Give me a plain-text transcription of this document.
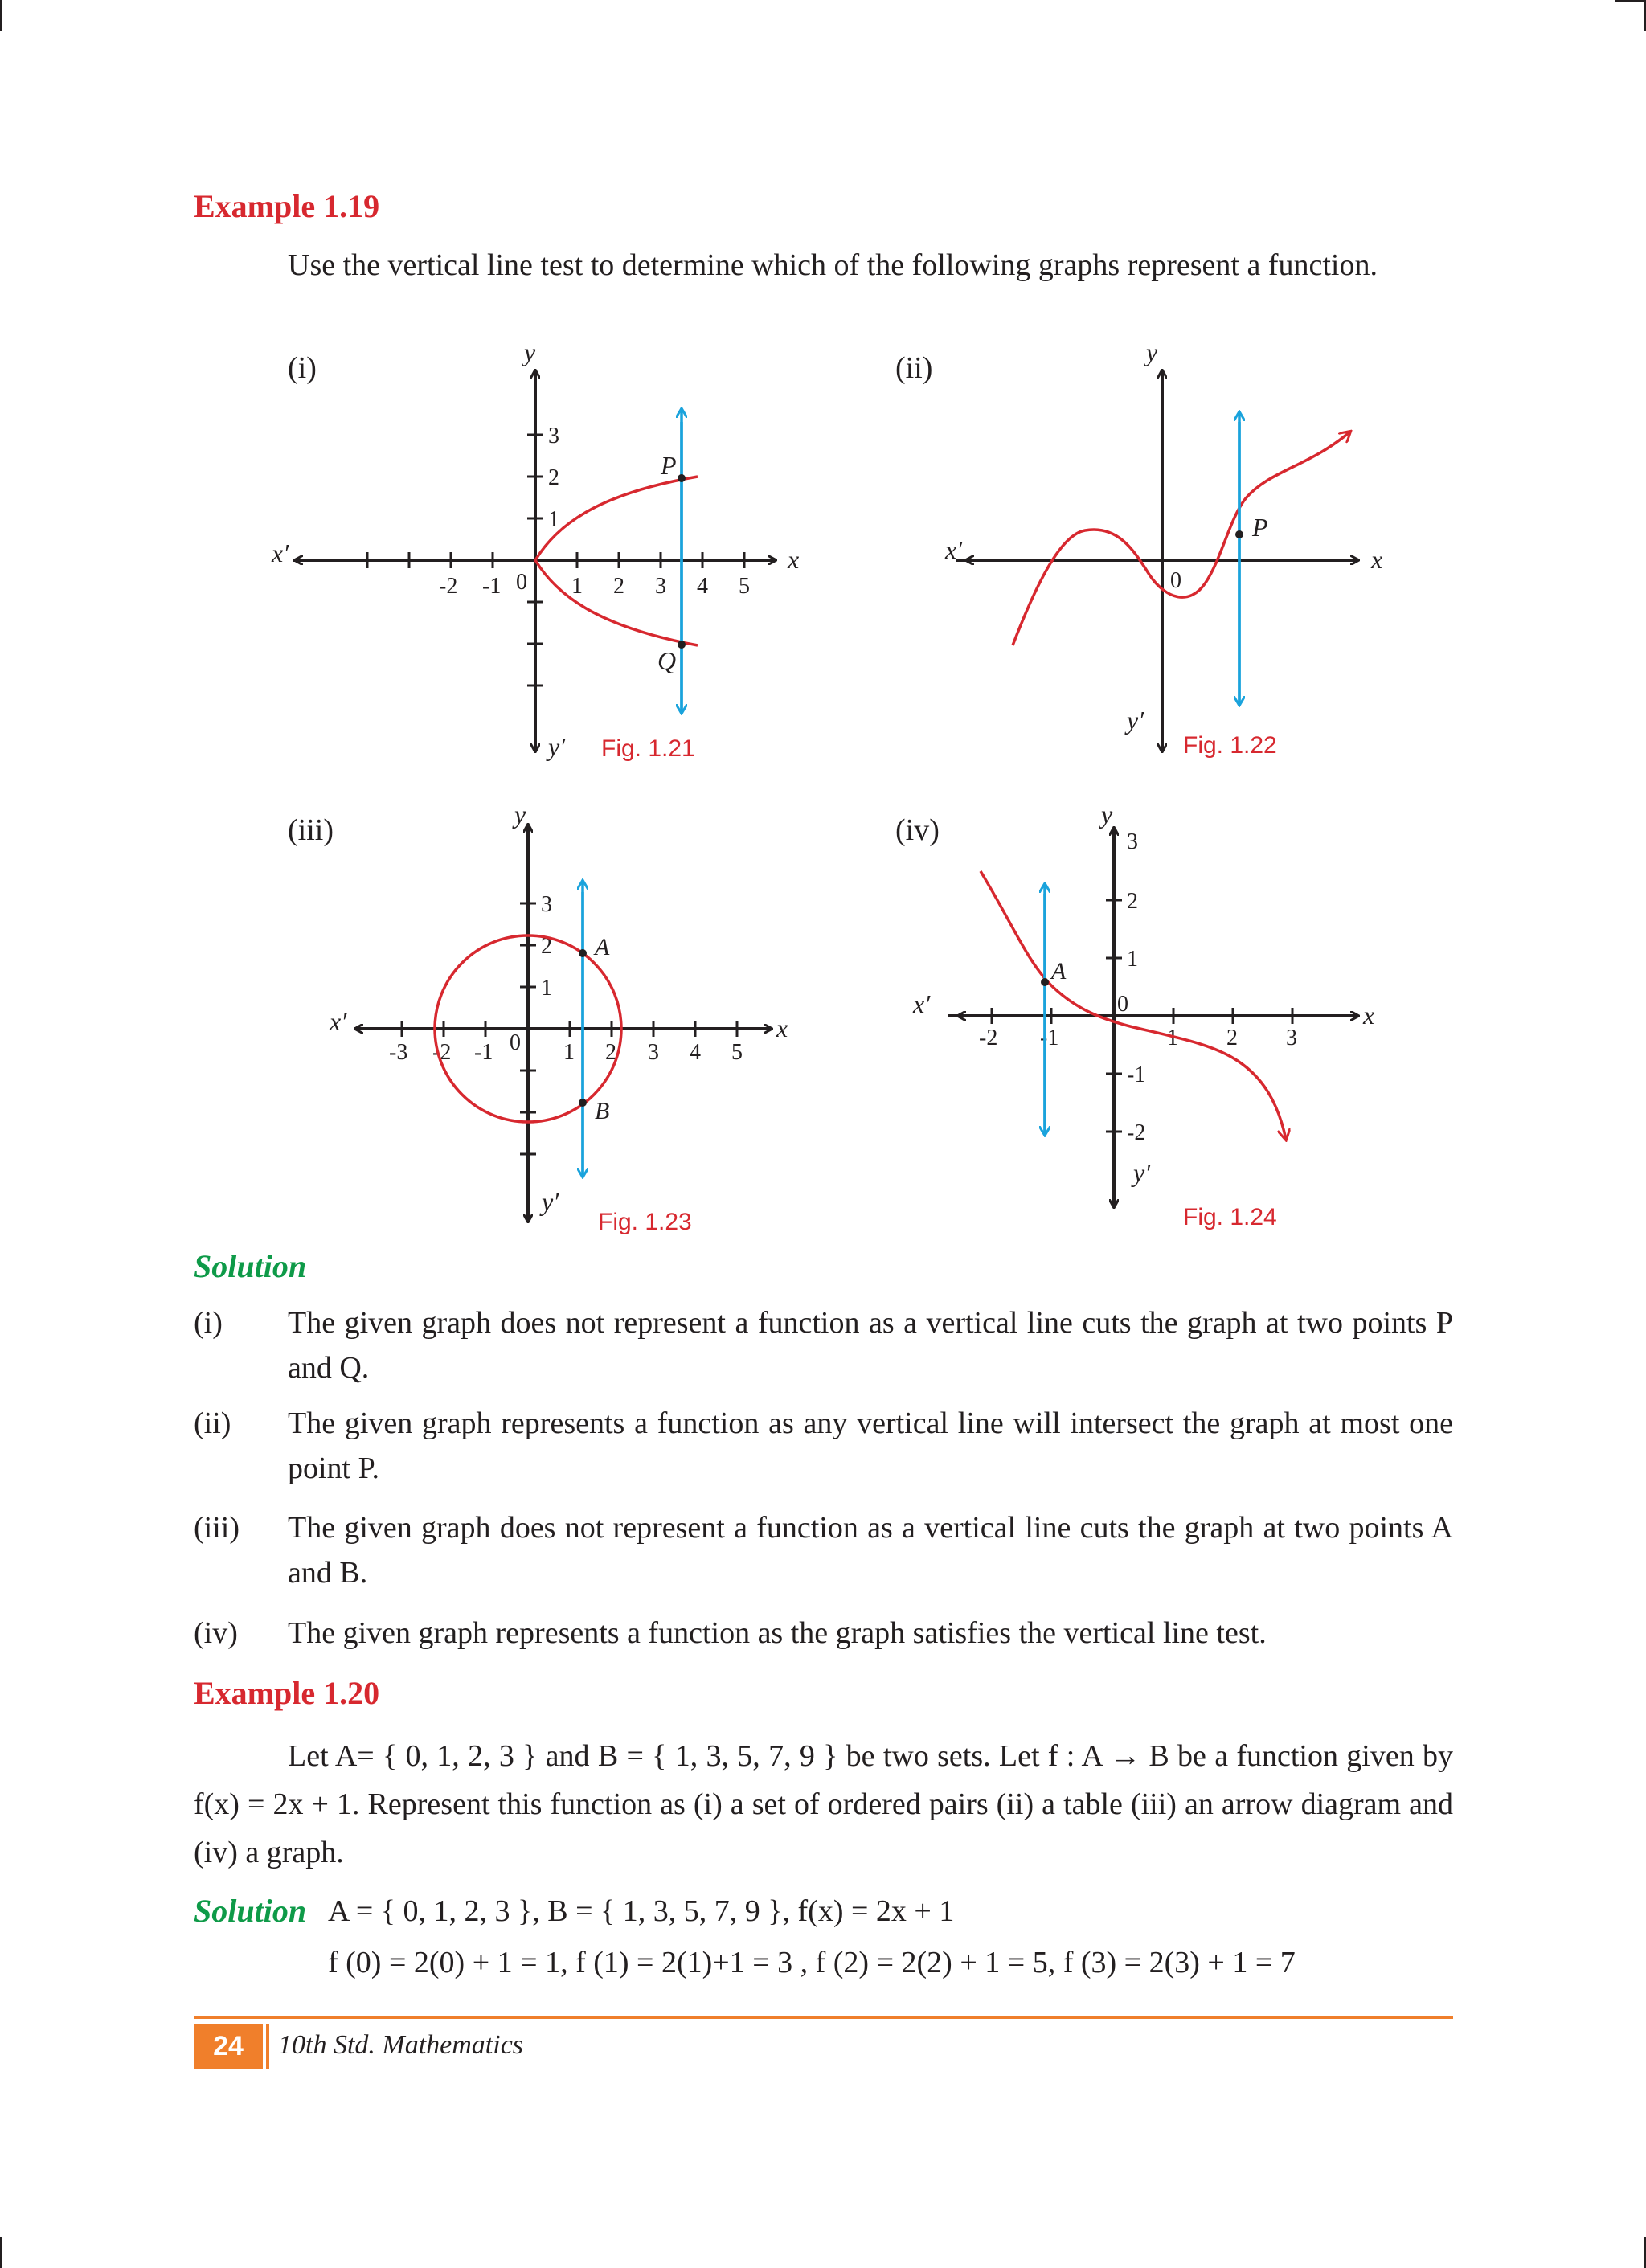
Example 1.19

Use the vertical line test to determine which of the following graphs represent a function.

(i)
-2 -1	1 2 3 4 5
1
2
3
0
x
x′
y
y′
P
Q
Fig. 1.21
(ii)
x
x′
y
y′
0
P
Fig. 1.22
(iii)
-3 -2 -1	1 2 3 4 5
1
2
3
0
x
x′
y
y′
A
B
Fig. 1.23
(iv)
-2 -1	1 2 3
3
2
1
-1
-2
0	x
x′
y
y′
A
Fig. 1.24
Solution
(i) The given graph does not represent a function as a vertical line cuts the graph at two points P and Q.
(ii) The given graph represents a function as any vertical line will intersect the graph at most one point P.
(iii) The given graph does not represent a function as a vertical line cuts the graph at two points A and B.
(iv) The given graph represents a function as the graph satisfies the vertical line test.
Example 1.20

Let A= { 0, 1, 2, 3 } and B = { 1, 3, 5, 7, 9 } be two sets. Let f : A → B be a function given by f(x) = 2x + 1. Represent this function as (i) a set of ordered pairs (ii) a table (iii) an arrow diagram and (iv) a graph.

Solution A = { 0, 1, 2, 3 }, B = { 1, 3, 5, 7, 9 }, f(x) = 2x + 1
f (0) = 2(0) + 1 = 1, f (1) = 2(1)+1 = 3 , f (2) = 2(2) + 1 = 5, f (3) = 2(3) + 1 = 7
24	10th Std. Mathematics
